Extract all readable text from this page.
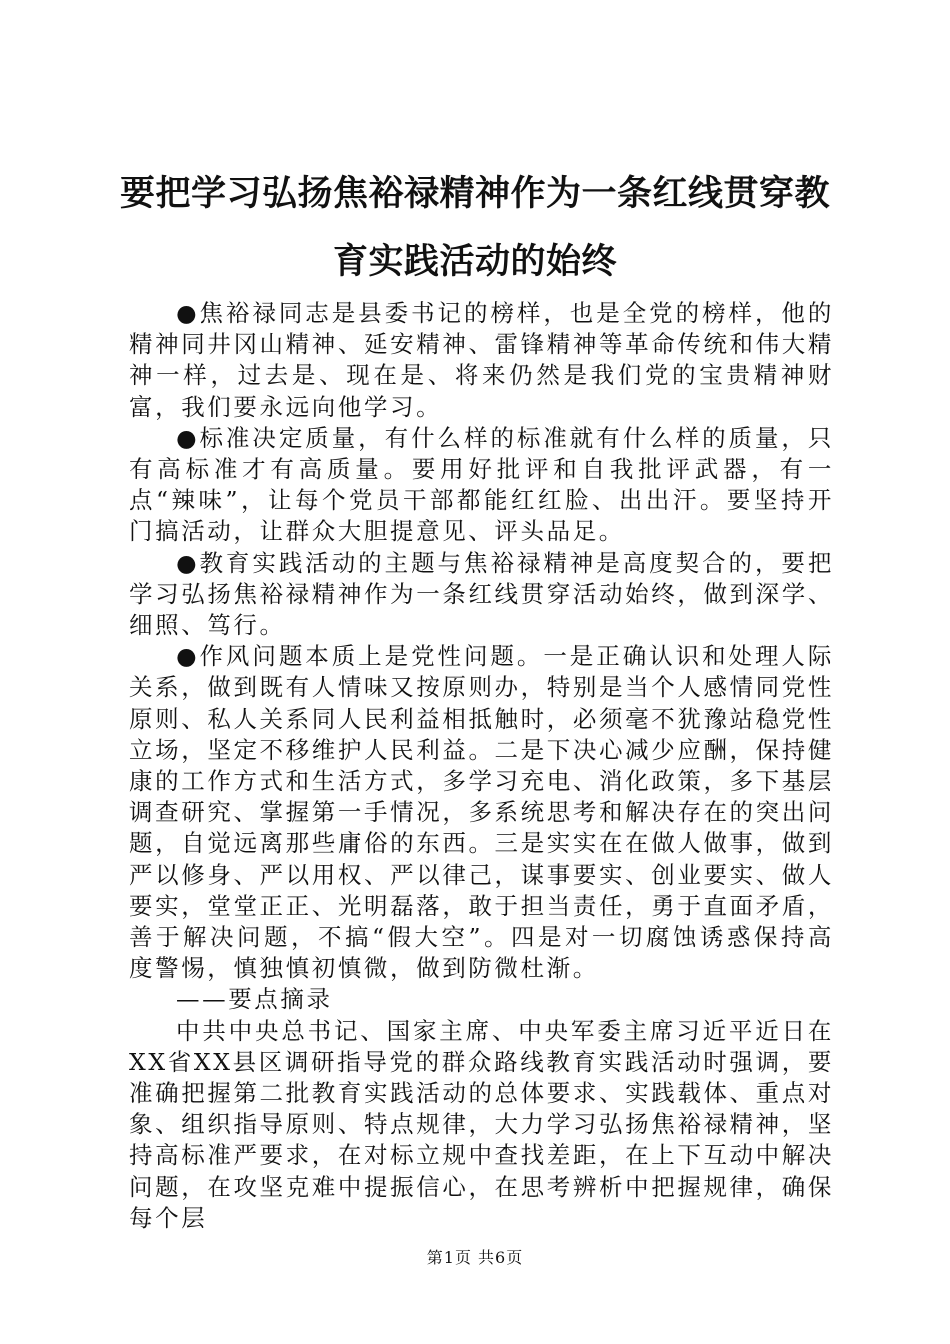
要把学习弘扬焦裕禄精神作为一条红线贯穿教育实践活动的始终

●焦裕禄同志是县委书记的榜样，也是全党的榜样，他的精神同井冈山精神、延安精神、雷锋精神等革命传统和伟大精神一样，过去是、现在是、将来仍然是我们党的宝贵精神财富，我们要永远向他学习。

●标准决定质量，有什么样的标准就有什么样的质量，只有高标准才有高质量。要用好批评和自我批评武器，有一点“辣味”，让每个党员干部都能红红脸、出出汗。要坚持开门搞活动，让群众大胆提意见、评头品足。

●教育实践活动的主题与焦裕禄精神是高度契合的，要把学习弘扬焦裕禄精神作为一条红线贯穿活动始终，做到深学、细照、笃行。

●作风问题本质上是党性问题。一是正确认识和处理人际关系，做到既有人情味又按原则办，特别是当个人感情同党性原则、私人关系同人民利益相抵触时，必须毫不犹豫站稳党性立场，坚定不移维护人民利益。二是下决心减少应酬，保持健康的工作方式和生活方式，多学习充电、消化政策，多下基层调查研究、掌握第一手情况，多系统思考和解决存在的突出问题，自觉远离那些庸俗的东西。三是实实在在做人做事，做到严以修身、严以用权、严以律己，谋事要实、创业要实、做人要实，堂堂正正、光明磊落，敢于担当责任，勇于直面矛盾，善于解决问题，不搞“假大空”。四是对一切腐蚀诱惑保持高度警惕，慎独慎初慎微，做到防微杜渐。

——要点摘录

中共中央总书记、国家主席、中央军委主席习近平近日在XX省XX县区调研指导党的群众路线教育实践活动时强调，要准确把握第二批教育实践活动的总体要求、实践载体、重点对象、组织指导原则、特点规律，大力学习弘扬焦裕禄精神，坚持高标准严要求，在对标立规中查找差距，在上下互动中解决问题，在攻坚克难中提振信心，在思考辨析中把握规律，确保每个层

第1页 共6页
